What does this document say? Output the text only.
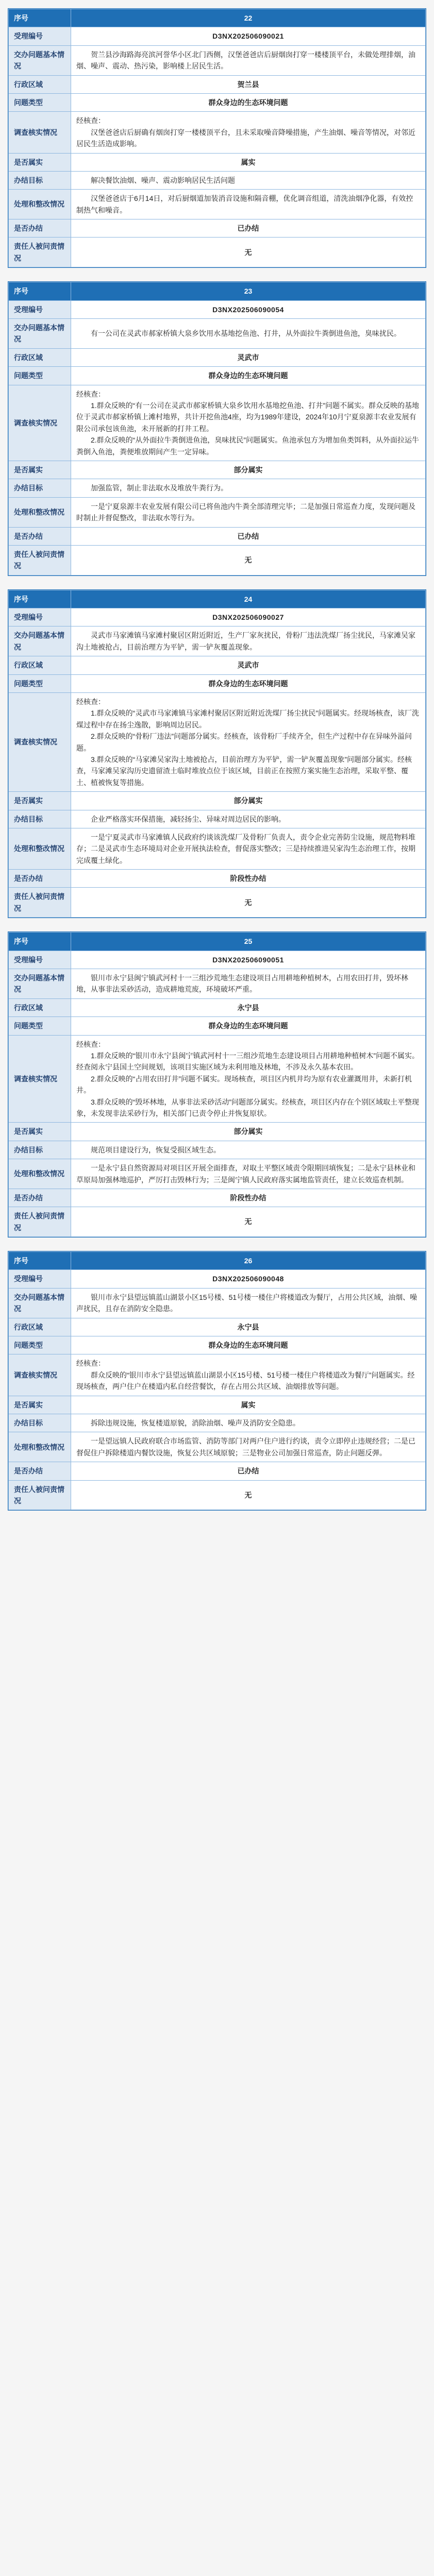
序号	22
受理编号	D3NX202506090021
交办问题基本情况	贺兰县沙海路海亮滨河誉华小区北门西侧，汉堡爸爸店后厨烟囱打穿一楼楼顶平台，未做处理排烟，油烟、噪声、震动、热污染，影响楼上居民生活。

行政区域	贺兰县
问题类型	群众身边的生态环境问题
调查核实情况	经核查：

汉堡爸爸店后厨确有烟囱打穿一楼楼顶平台，且未采取噪音降噪措施，产生油烟、噪音等情况，对邻近居民生活造成影响。

是否属实	属实
办结目标	解决餐饮油烟、噪声、震动影响居民生活问题

处理和整改情况	汉堡爸爸店于6月14日，对后厨烟道加装消音设施和隔音棚，优化调音组道，清洗油烟净化器，有效控制热气和噪音。

是否办结	已办结
责任人被问责情况	无
序号	23
受理编号	D3NX202506090054
交办问题基本情况	有一公司在灵武市郝家桥镇大泉乡饮用水基地挖鱼池、打井，从外面拉牛粪倒进鱼池，臭味扰民。

行政区域	灵武市
问题类型	群众身边的生态环境问题
调查核实情况	经核查：

1.群众反映的“有一公司在灵武市郝家桥镇大泉乡饮用水基地挖鱼池、打井”问题不属实。群众反映的基地位于灵武市郝家桥镇上滩村地界，共计开挖鱼池4座，均为1989年建设，2024年10月宁夏泉源丰农业发展有限公司承包该鱼池，未开展新的打井工程。

2.群众反映的“从外面拉牛粪倒进鱼池，臭味扰民”问题属实。鱼池承包方为增加鱼类饵料，从外面拉运牛粪倒入鱼池，粪便堆放期间产生一定异味。

是否属实	部分属实
办结目标	加强监管，制止非法取水及堆放牛粪行为。

处理和整改情况	一是宁夏泉源丰农业发展有限公司已将鱼池内牛粪全部清理完毕；二是加强日常巡查力度，发现问题及时制止并督促整改，非法取水等行为。

是否办结	已办结
责任人被问责情况	无
序号	24
受理编号	D3NX202506090027
交办问题基本情况	灵武市马家滩镇马家滩村聚居区附近附近，生产厂家灰扰民，骨粉厂违法洗煤厂扬尘扰民，马家滩吴家沟土地被抢占，目前治理方为平铲，需一铲灰覆盖现象。

行政区域	灵武市
问题类型	群众身边的生态环境问题
调查核实情况	经核查：

1.群众反映的“灵武市马家滩镇马家滩村聚居区附近附近洗煤厂扬尘扰民”问题属实。经现场核查，该厂洗煤过程中存在扬尘逸散，影响周边居民。

2.群众反映的“骨粉厂违法”问题部分属实。经核查，该骨粉厂手续齐全，但生产过程中存在异味外溢问题。

3.群众反映的“马家滩吴家沟土地被抢占，目前治理方为平铲，需一铲灰覆盖现象”问题部分属实。经核查，马家滩吴家沟历史遗留渣土临时堆放点位于该区域，目前正在按照方案实施生态治理，采取平整、覆土、植被恢复等措施。

是否属实	部分属实
办结目标	企业严格落实环保措施，减轻扬尘、异味对周边居民的影响。

处理和整改情况	一是宁夏灵武市马家滩镇人民政府约谈该洗煤厂及骨粉厂负责人，责令企业完善防尘设施，规范物料堆存；二是灵武市生态环境局对企业开展执法检查，督促落实整改；三是持续推进吴家沟生态治理工作，按期完成覆土绿化。

是否办结	阶段性办结
责任人被问责情况	无
序号	25
受理编号	D3NX202506090051
交办问题基本情况	银川市永宁县闽宁镇武河村十一三组沙荒地生态建设项目占用耕地种植树木，占用农田打井，毁坏林地，从事非法采砂活动，造成耕地荒废，环境破坏严重。

行政区域	永宁县
问题类型	群众身边的生态环境问题
调查核实情况	经核查：

1.群众反映的“银川市永宁县闽宁镇武河村十一三组沙荒地生态建设项目占用耕地种植树木”问题不属实。经查阅永宁县国土空间规划，该项目实施区域为未利用地及林地，不涉及永久基本农田。

2.群众反映的“占用农田打井”问题不属实。现场核查，项目区内机井均为原有农业灌溉用井，未新打机井。

3.群众反映的“毁坏林地，从事非法采砂活动”问题部分属实。经核查，项目区内存在个别区域取土平整现象，未发现非法采砂行为，相关部门已责令停止并恢复原状。

是否属实	部分属实
办结目标	规范项目建设行为，恢复受损区域生态。

处理和整改情况	一是永宁县自然资源局对项目区开展全面排查，对取土平整区域责令限期回填恢复；二是永宁县林业和草原局加强林地巡护，严厉打击毁林行为；三是闽宁镇人民政府落实属地监管责任，建立长效巡查机制。

是否办结	阶段性办结
责任人被问责情况	无
序号	26
受理编号	D3NX202506090048
交办问题基本情况	银川市永宁县望远镇蓝山湖景小区15号楼、51号楼一楼住户将楼道改为餐厅，占用公共区域，油烟、噪声扰民，且存在消防安全隐患。

行政区域	永宁县
问题类型	群众身边的生态环境问题
调查核实情况	经核查：

群众反映的“银川市永宁县望远镇蓝山湖景小区15号楼、51号楼一楼住户将楼道改为餐厅”问题属实。经现场核查，两户住户在楼道内私自经营餐饮，存在占用公共区域、油烟排放等问题。

是否属实	属实
办结目标	拆除违规设施，恢复楼道原貌，消除油烟、噪声及消防安全隐患。

处理和整改情况	一是望远镇人民政府联合市场监管、消防等部门对两户住户进行约谈，责令立即停止违规经营；二是已督促住户拆除楼道内餐饮设施，恢复公共区域原貌；三是物业公司加强日常巡查，防止问题反弹。

是否办结	已办结
责任人被问责情况	无
